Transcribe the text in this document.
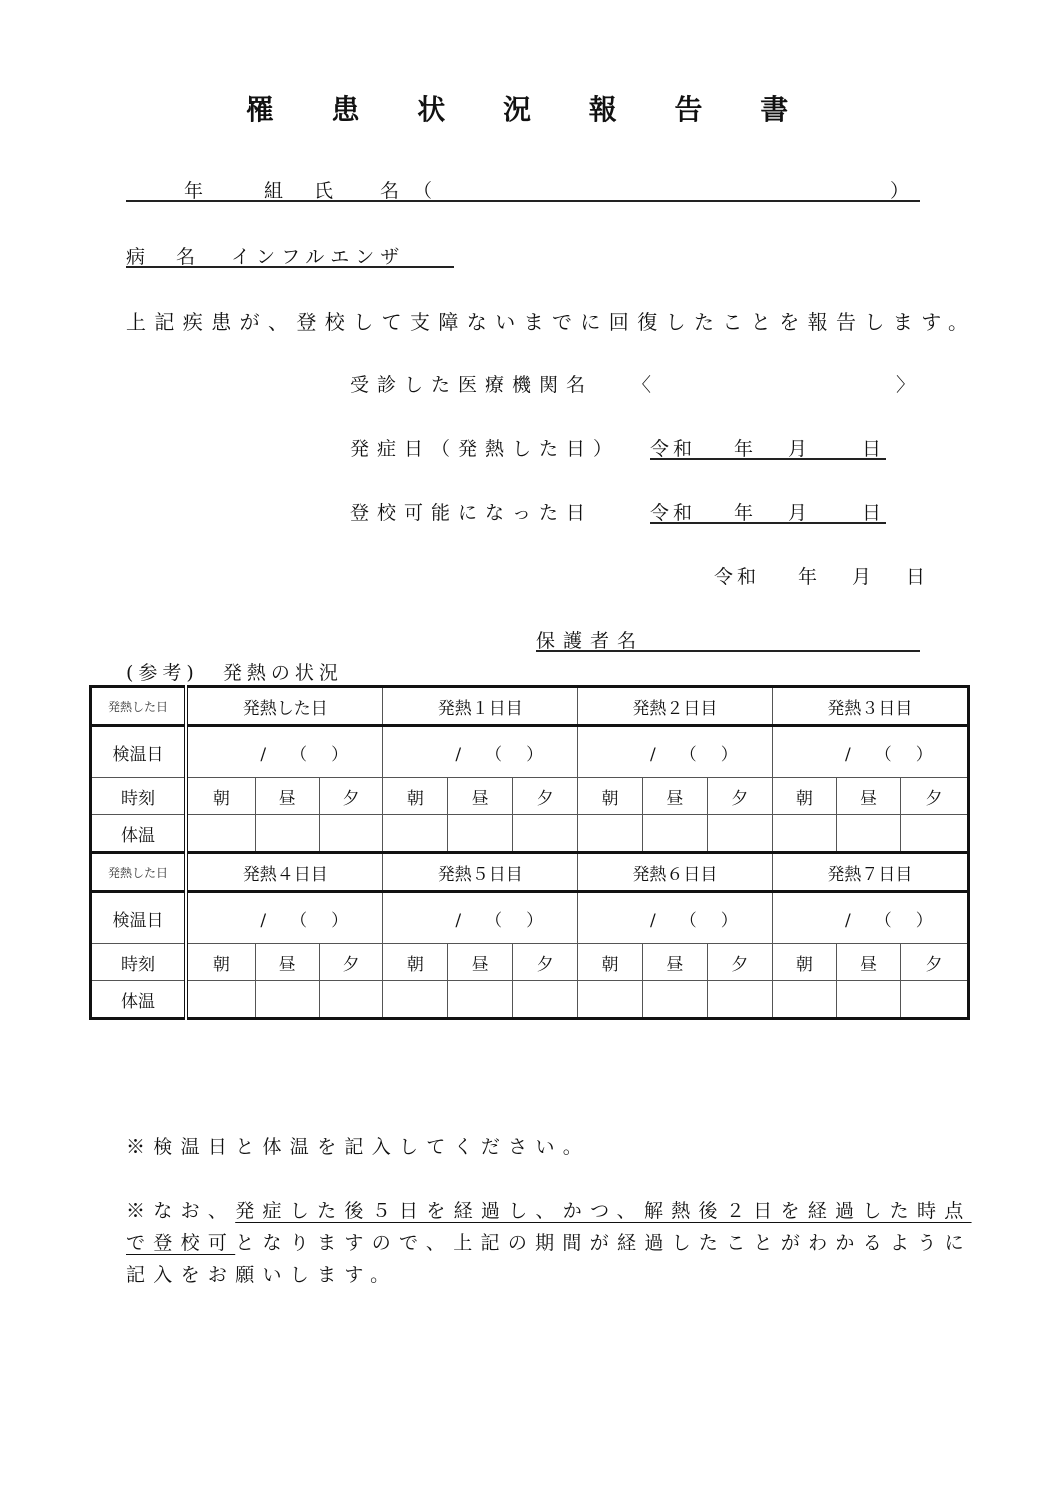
罹 患 状 況 報 告 書
年	組 氏　名（	）
病　名 インフルエンザ
上記疾患が、登校して支障ないまでに回復したことを報告します。
受診した医療機関名 〈	〉
発症日（発熱した日） 令和 年 月	日
登校可能になった日	令和 年 月	日
令和 年 月 日
保護者名
(参考)　発熱の状況
発熱した日	発熱した日			発熱１日目			発熱２日目			発熱３日目		
検温日	/ （ ）			/ （ ）			/ （ ）			/ （ ）		
時刻	朝	昼	夕	朝	昼	夕	朝	昼	夕	朝	昼	夕
体温												
発熱した日	発熱４日目			発熱５日目			発熱６日目			発熱７日目		
検温日	/ （ ）			/ （ ）			/ （ ）			/ （ ）		
時刻	朝	昼	夕	朝	昼	夕	朝	昼	夕	朝	昼	夕
体温												
※検温日と体温を記入してください。
※なお、発症した後５日を経過し、かつ、解熱後２日を経過した時点
で登校可となりますので、上記の期間が経過したことがわかるように
記入をお願いします。
